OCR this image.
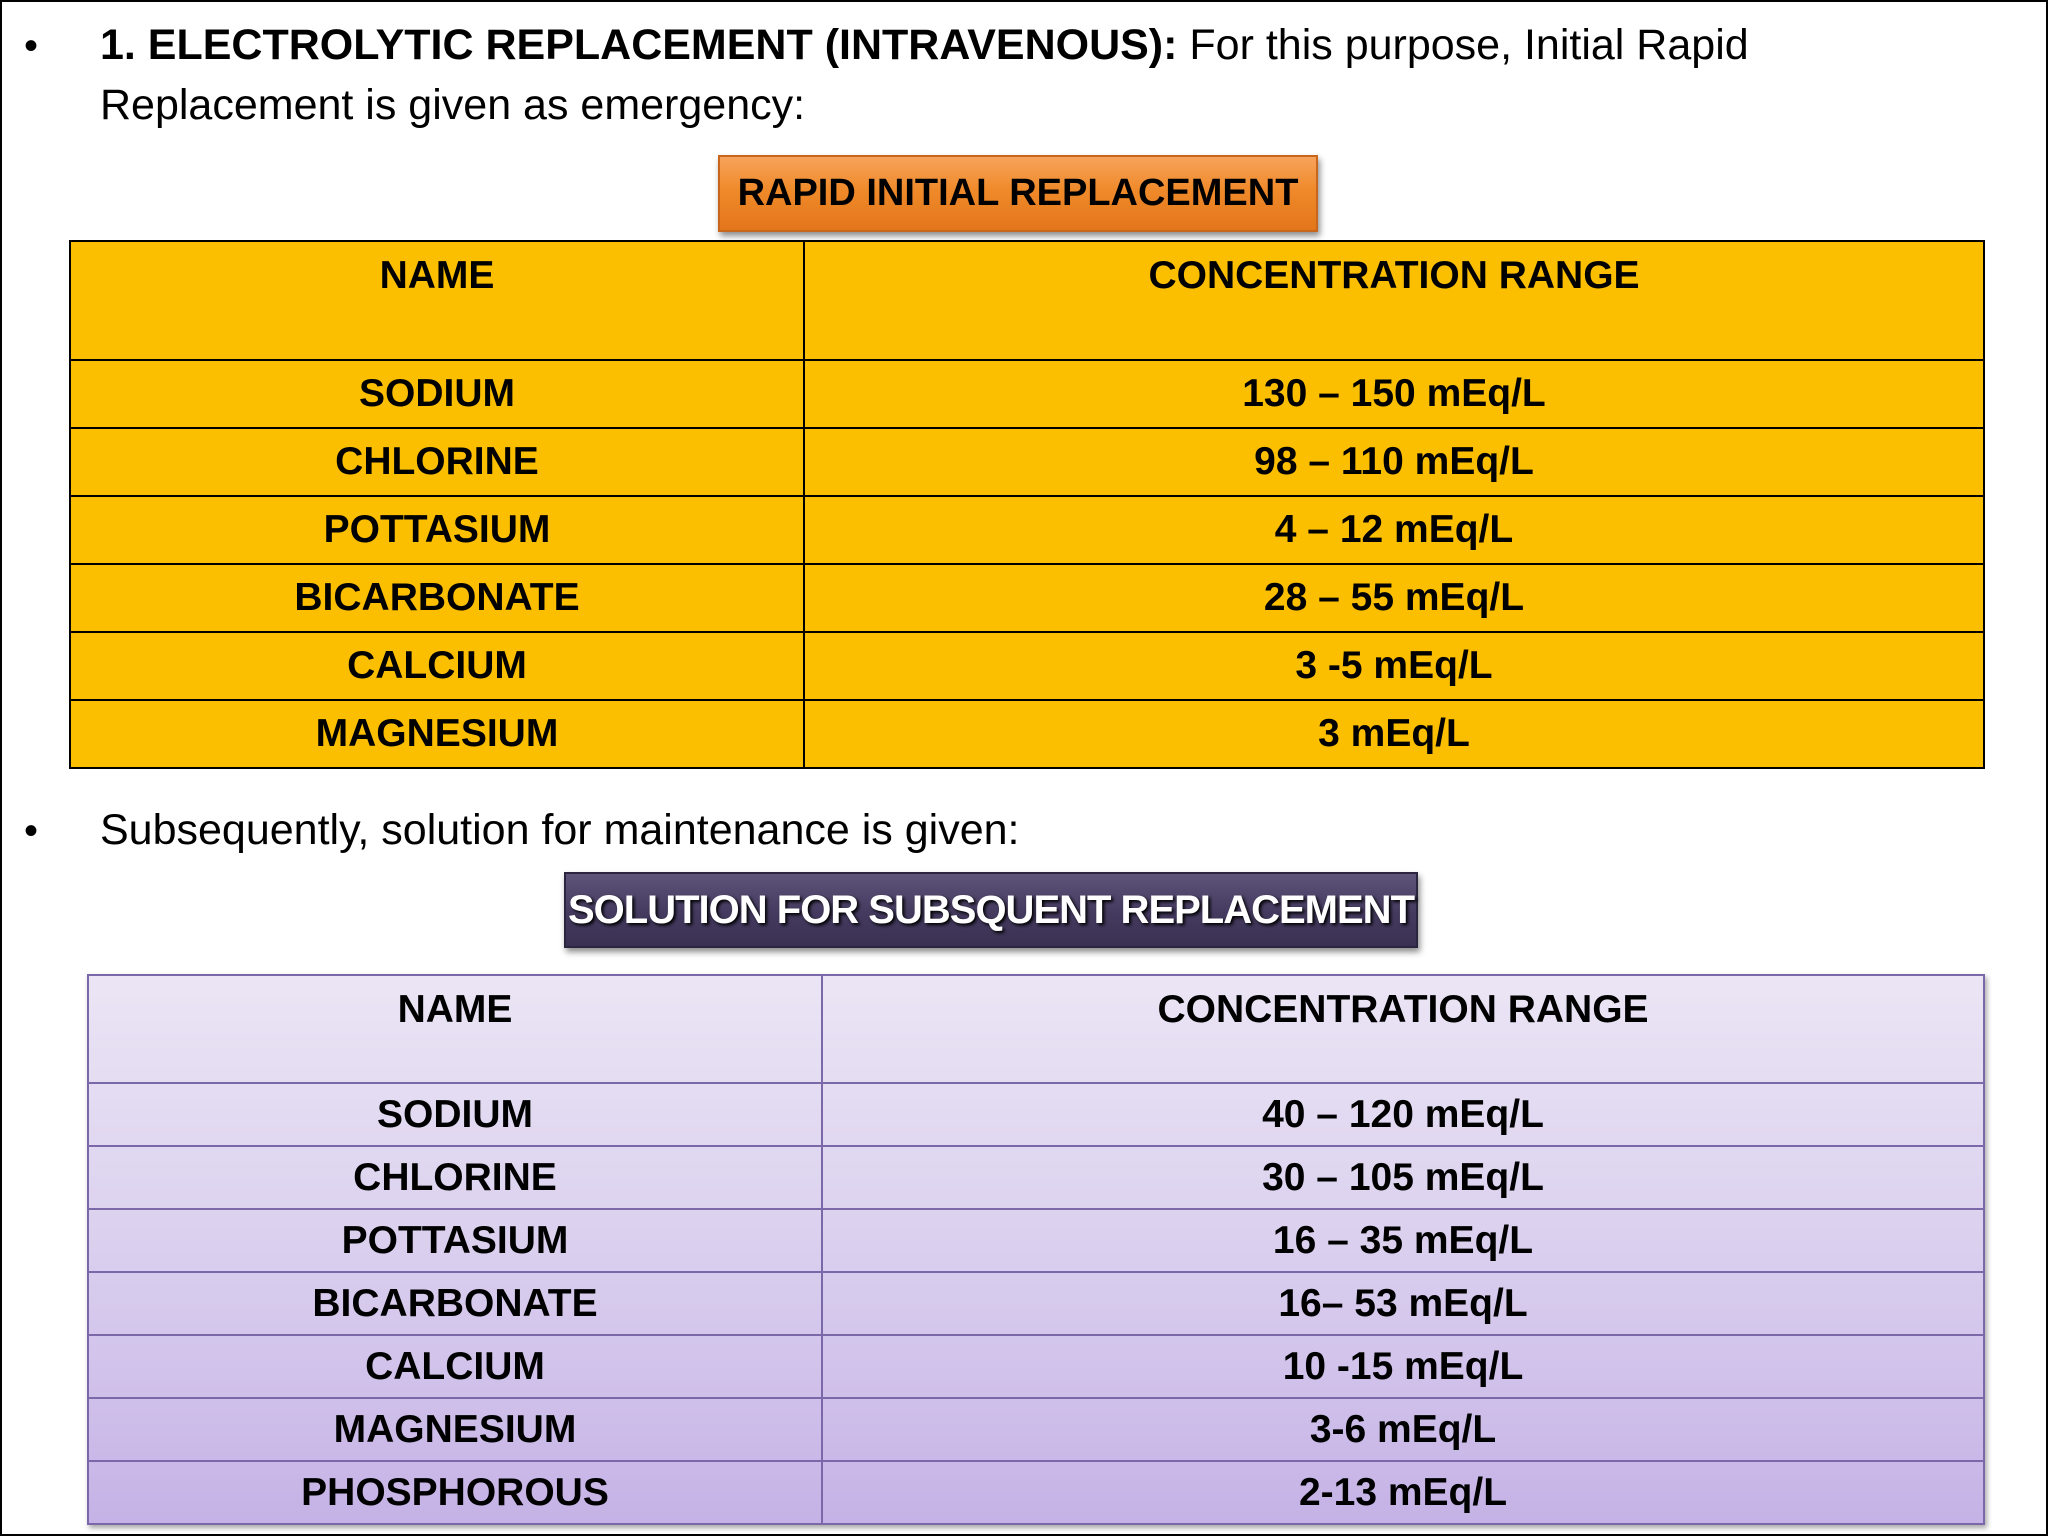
• 1. ELECTROLYTIC REPLACEMENT (INTRAVENOUS): For this purpose, Initial Rapid
Replacement is given as emergency:
RAPID INITIAL REPLACEMENT
NAME	CONCENTRATION RANGE
SODIUM	130 – 150 mEq/L
CHLORINE	98 – 110 mEq/L
POTTASIUM	4 – 12 mEq/L
BICARBONATE	28 – 55 mEq/L
CALCIUM	3 -5 mEq/L
MAGNESIUM	3 mEq/L
• Subsequently, solution for maintenance is given:
SOLUTION FOR SUBSQUENT REPLACEMENT
NAME	CONCENTRATION RANGE
SODIUM	40 – 120 mEq/L
CHLORINE	30 – 105 mEq/L
POTTASIUM	16 – 35 mEq/L
BICARBONATE	16– 53 mEq/L
CALCIUM	10 -15 mEq/L
MAGNESIUM	3-6 mEq/L
PHOSPHOROUS	2-13 mEq/L
